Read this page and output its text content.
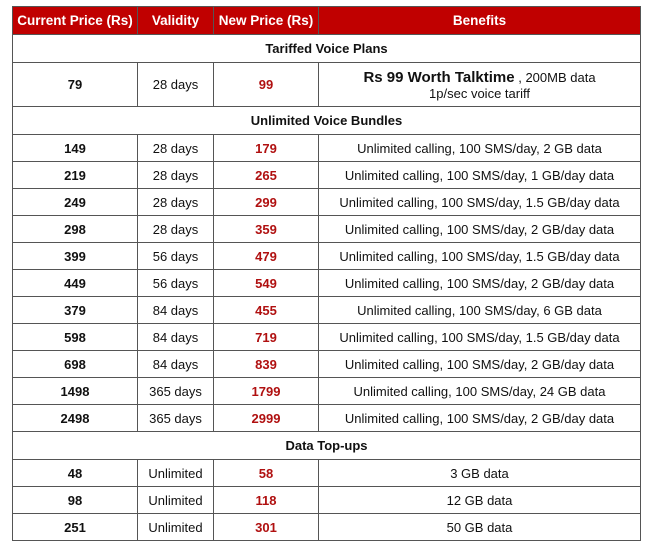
Current Price (Rs)	Validity	New Price (Rs)	Benefits
Tariffed Voice Plans			
79	28 days	99	Rs 99 Worth Talktime , 200MB data
1p/sec voice tariff
Unlimited Voice Bundles			
149	28 days	179	Unlimited calling, 100 SMS/day, 2 GB data
219	28 days	265	Unlimited calling, 100 SMS/day, 1 GB/day data
249	28 days	299	Unlimited calling, 100 SMS/day, 1.5 GB/day data
298	28 days	359	Unlimited calling, 100 SMS/day, 2 GB/day data
399	56 days	479	Unlimited calling, 100 SMS/day, 1.5 GB/day data
449	56 days	549	Unlimited calling, 100 SMS/day, 2 GB/day data
379	84 days	455	Unlimited calling, 100 SMS/day, 6 GB data
598	84 days	719	Unlimited calling, 100 SMS/day, 1.5 GB/day data
698	84 days	839	Unlimited calling, 100 SMS/day, 2 GB/day data
1498	365 days	1799	Unlimited calling, 100 SMS/day, 24 GB data
2498	365 days	2999	Unlimited calling, 100 SMS/day, 2 GB/day data
Data Top-ups			
48	Unlimited	58	3 GB data
98	Unlimited	118	12 GB data
251	Unlimited	301	50 GB data
